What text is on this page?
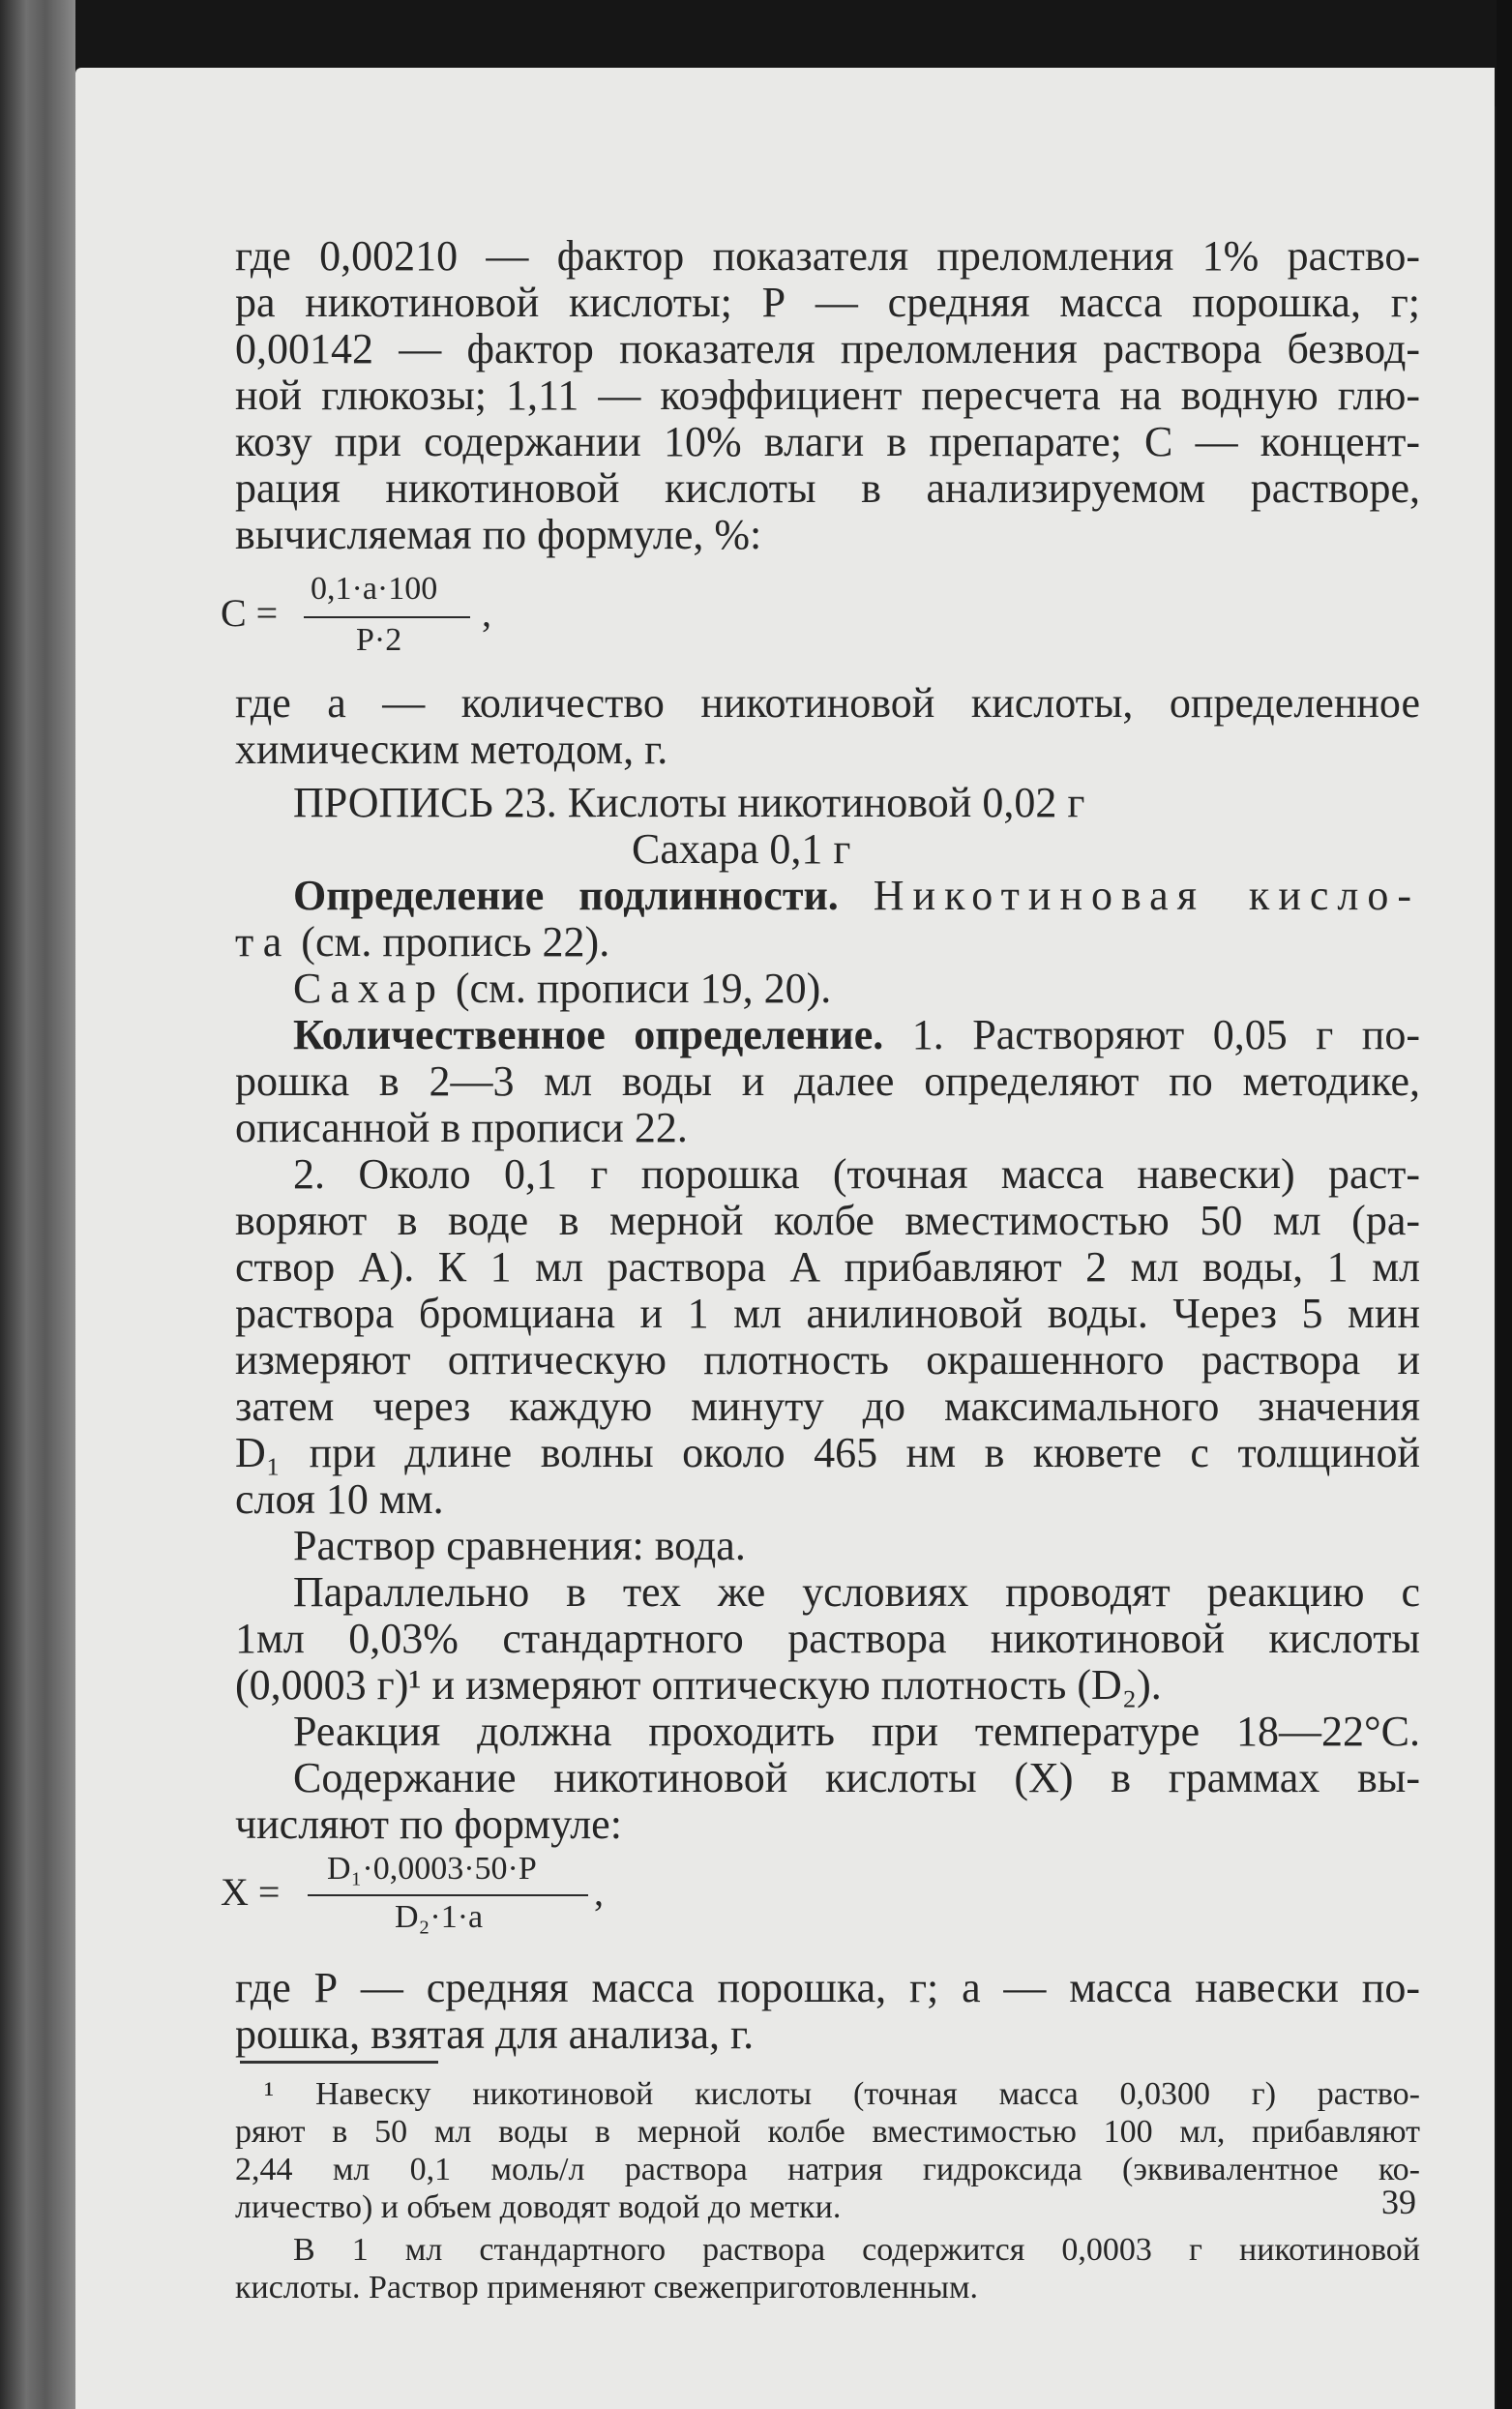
где 0,00210 — фактор показателя преломления 1% раство-
ра никотиновой кислоты; Р — средняя масса порошка, г;
0,00142 — фактор показателя преломления раствора безвод-
ной глюкозы; 1,11 — коэффициент пересчета на водную глю-
козу при содержании 10% влаги в препарате; С — концент-
рация никотиновой кислоты в анализируемом растворе,
вычисляемая по формуле, %:
С =
0,1·а·100
Р·2
,
где а — количество никотиновой кислоты, определенное
химическим методом, г.
ПРОПИСЬ 23. Кислоты никотиновой 0,02 г
Сахара 0,1 г
Определение подлинности. Никотиновая кисло-
та (см. пропись 22).
Сахар (см. прописи 19, 20).
Количественное определение. 1. Растворяют 0,05 г по-
рошка в 2—3 мл воды и далее определяют по методике,
описанной в прописи 22.
2. Около 0,1 г порошка (точная масса навески) раст-
воряют в воде в мерной колбе вместимостью 50 мл (ра-
створ А). К 1 мл раствора А прибавляют 2 мл воды, 1 мл
раствора бромциана и 1 мл анилиновой воды. Через 5 мин
измеряют оптическую плотность окрашенного раствора и
затем через каждую минуту до максимального значения
D₁ при длине волны около 465 нм в кювете с толщиной
слоя 10 мм.
Раствор сравнения: вода.
Параллельно в тех же условиях проводят реакцию с
1мл 0,03% стандартного раствора никотиновой кислоты
(0,0003 г)¹ и измеряют оптическую плотность (D₂).
Реакция должна проходить при температуре 18—22°С.
Содержание никотиновой кислоты (Х) в граммах вы-
числяют по формуле:
Х =
D₁·0,0003·50·Р
D₂·1·а
,
где Р — средняя масса порошка, г; а — масса навески по-
рошка, взятая для анализа, г.
¹ Навеску никотиновой кислоты (точная масса 0,0300 г) раство-
ряют в 50 мл воды в мерной колбе вместимостью 100 мл, прибавляют
2,44 мл 0,1 моль/л раствора натрия гидроксида (эквивалентное ко-
личество) и объем доводят водой до метки.
В 1 мл стандартного раствора содержится 0,0003 г никотиновой
кислоты. Раствор применяют свежеприготовленным.
39
